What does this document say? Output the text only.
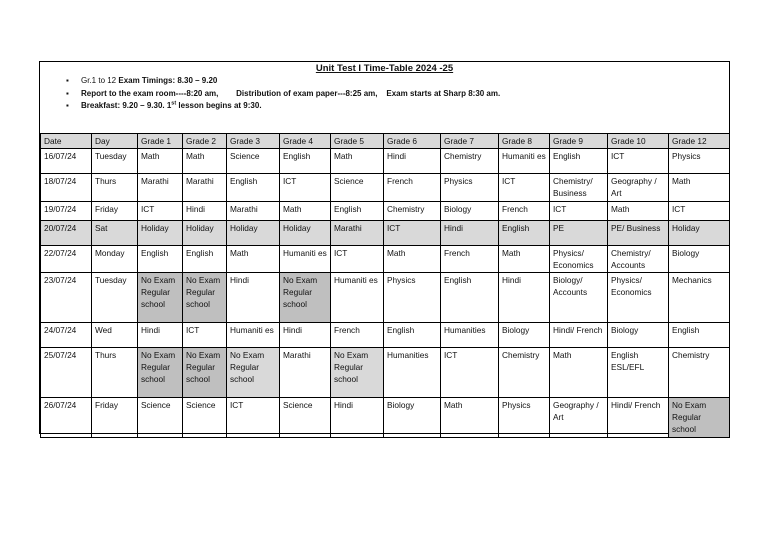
Unit Test I Time-Table 2024 -25
▪ Gr.1 to 12 Exam Timings: 8.30 – 9.20
▪ Report to the exam room----8:20 am,        Distribution of exam paper---8:25 am,    Exam starts at Sharp 8:30 am.
▪ Breakfast: 9.20 – 9.30. 1st lesson begins at 9:30.
Date	Day	Grade 1	Grade 2	Grade 3	Grade 4	Grade 5	Grade 6	Grade 7	Grade 8	Grade 9	Grade 10	Grade 12
16/07/24	Tuesday	Math	Math	Science	English	Math	Hindi	Chemistry	Humaniti es	English	ICT	Physics
18/07/24	Thurs	Marathi	Marathi	English	ICT	Science	French	Physics	ICT	Chemistry/ Business	Geography / Art	Math
19/07/24	Friday	ICT	Hindi	Marathi	Math	English	Chemistry	Biology	French	ICT	Math	ICT
20/07/24	Sat	Holiday	Holiday	Holiday	Holiday	Marathi	ICT	Hindi	English	PE	PE/ Business	Holiday
22/07/24	Monday	English	English	Math	Humaniti es	ICT	Math	French	Math	Physics/ Economics	Chemistry/ Accounts	Biology
23/07/24	Tuesday	No Exam Regular school	No Exam Regular school	Hindi	No Exam Regular school	Humaniti es	Physics	English	Hindi	Biology/ Accounts	Physics/ Economics	Mechanics
24/07/24	Wed	Hindi	ICT	Humaniti es	Hindi	French	English	Humanities	Biology	Hindi/ French	Biology	English
25/07/24	Thurs	No Exam Regular school	No Exam Regular school	No Exam Regular school	Marathi	No Exam Regular school	Humanities	ICT	Chemistry	Math	English ESL/EFL	Chemistry
26/07/24	Friday	Science	Science	ICT	Science	Hindi	Biology	Math	Physics	Geography / Art	Hindi/ French	No Exam Regular school
